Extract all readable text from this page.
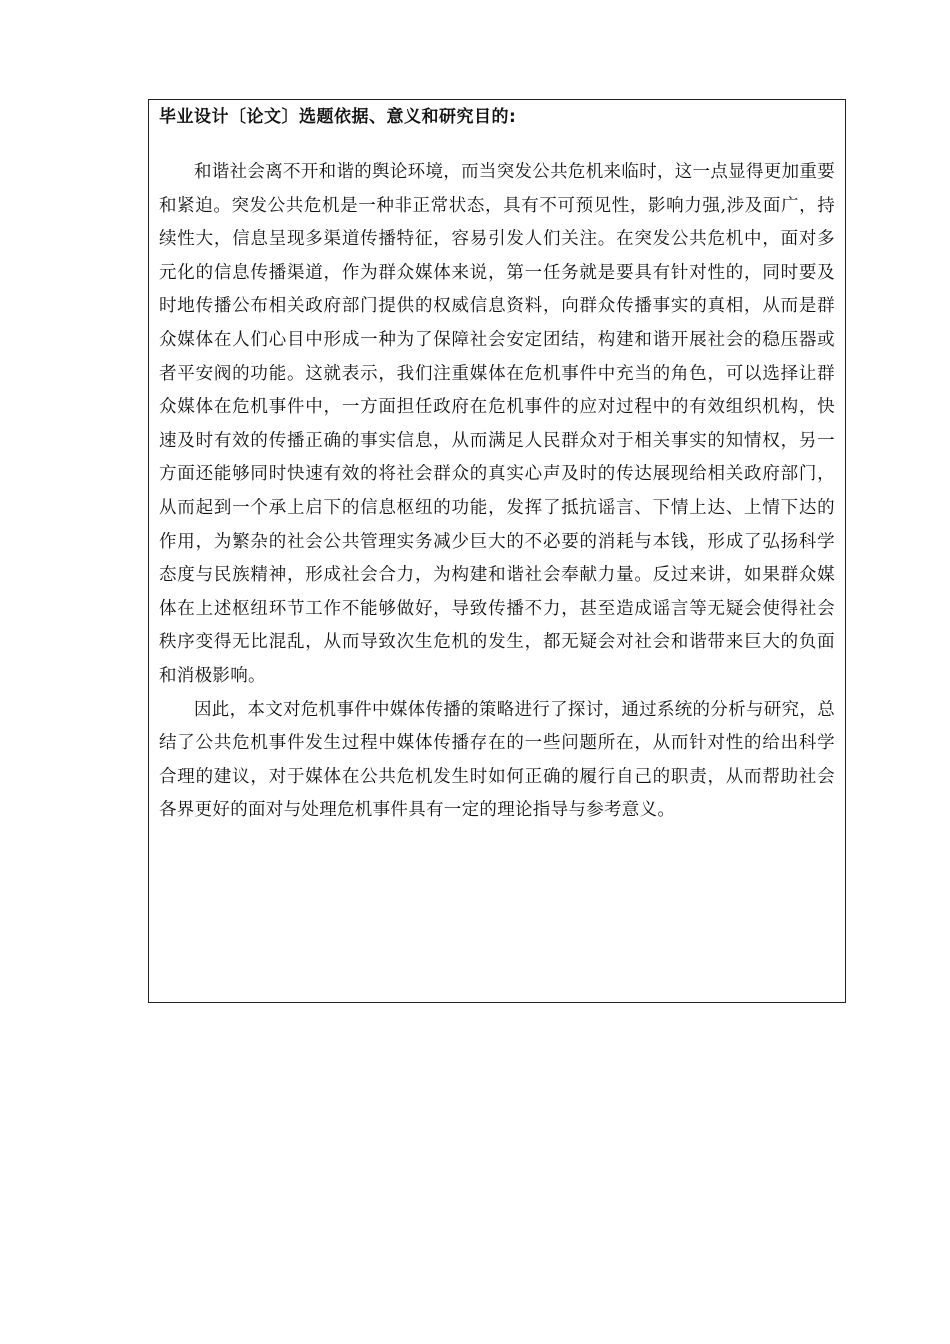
毕业设计〔论文〕选题依据、意义和研究目的:

和谐社会离不开和谐的舆论环境，而当突发公共危机来临时，这一点显得更加重要和紧迫。突发公共危机是一种非正常状态，具有不可预见性，影响力强,涉及面广，持续性大，信息呈现多渠道传播特征，容易引发人们关注。在突发公共危机中，面对多元化的信息传播渠道，作为群众媒体来说，第一任务就是要具有针对性的，同时要及时地传播公布相关政府部门提供的权威信息资料，向群众传播事实的真相，从而是群众媒体在人们心目中形成一种为了保障社会安定团结，构建和谐开展社会的稳压器或者平安阀的功能。这就表示，我们注重媒体在危机事件中充当的角色，可以选择让群众媒体在危机事件中，一方面担任政府在危机事件的应对过程中的有效组织机构，快速及时有效的传播正确的事实信息，从而满足人民群众对于相关事实的知情权，另一方面还能够同时快速有效的将社会群众的真实心声及时的传达展现给相关政府部门，从而起到一个承上启下的信息枢纽的功能，发挥了抵抗谣言、下情上达、上情下达的作用，为繁杂的社会公共管理实务减少巨大的不必要的消耗与本钱，形成了弘扬科学态度与民族精神，形成社会合力，为构建和谐社会奉献力量。反过来讲，如果群众媒体在上述枢纽环节工作不能够做好，导致传播不力，甚至造成谣言等无疑会使得社会秩序变得无比混乱，从而导致次生危机的发生，都无疑会对社会和谐带来巨大的负面和消极影响。

因此，本文对危机事件中媒体传播的策略进行了探讨，通过系统的分析与研究，总结了公共危机事件发生过程中媒体传播存在的一些问题所在，从而针对性的给出科学合理的建议，对于媒体在公共危机发生时如何正确的履行自己的职责，从而帮助社会各界更好的面对与处理危机事件具有一定的理论指导与参考意义。
